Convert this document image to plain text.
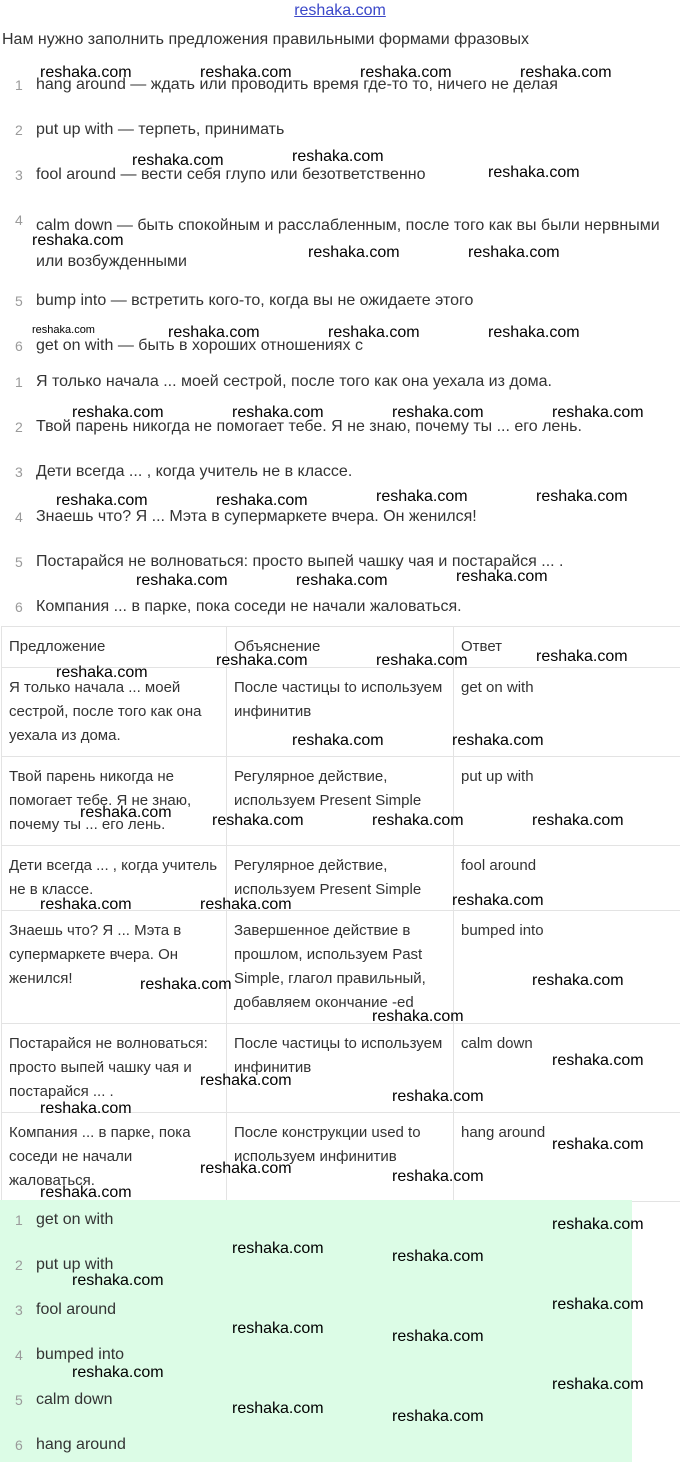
reshaka.com
Нам нужно заполнить предложения правильными формами фразовых
1 hang around — ждать или проводить время где-то то, ничего не делая
2 put up with — терпеть, принимать
3 fool around — вести себя глупо или безответственно
4 calm down — быть спокойным и расслабленным, после того как вы были нервными или возбужденными
5 bump into — встретить кого-то, когда вы не ожидаете этого
6 get on with — быть в хороших отношениях с
1 Я только начала ... моей сестрой, после того как она уехала из дома.
2 Твой парень никогда не помогает тебе. Я не знаю, почему ты ... его лень.
3 Дети всегда ... , когда учитель не в классе.
4 Знаешь что? Я ... Мэта в супермаркете вчера. Он женился!
5 Постарайся не волноваться: просто выпей чашку чая и постарайся ... .
6 Компания ... в парке, пока соседи не начали жаловаться.
Предложение	Объяснение	Ответ
Я только начала ... моей сестрой, после того как она уехала из дома.	После частицы to используем инфинитив	get on with
Твой парень никогда не помогает тебе. Я не знаю, почему ты ... его лень.	Регулярное действие, используем Present Simple	put up with
Дети всегда ... , когда учитель не в классе.	Регулярное действие, используем Present Simple	fool around
Знаешь что? Я ... Мэта в супермаркете вчера. Он женился!	Завершенное действие в прошлом, используем Past Simple, глагол правильный, добавляем окончание -ed	bumped into
Постарайся не волноваться: просто выпей чашку чая и постарайся ... .	После частицы to используем инфинитив	calm down
Компания ... в парке, пока соседи не начали жаловаться.	После конструкции used to используем инфинитив	hang around
1 get on with
2 put up with
3 fool around
4 bumped into
5 calm down
6 hang around
reshaka.com	reshaka.com	reshaka.com	reshaka.com
reshaka.com	reshaka.com
reshaka.com
reshaka.com
reshaka.com	reshaka.com
reshaka.com	reshaka.com	reshaka.com
reshaka.com	reshaka.com	reshaka.com	reshaka.com
reshaka.com	reshaka.com	reshaka.com	reshaka.com
reshaka.com	reshaka.com	reshaka.com
reshaka.com	reshaka.com	reshaka.com
reshaka.com
reshaka.com	reshaka.com
reshaka.com	reshaka.com	reshaka.com	reshaka.com
reshaka.com	reshaka.com	reshaka.com
reshaka.com	reshaka.com
reshaka.com
reshaka.com
reshaka.com
reshaka.com
reshaka.com
reshaka.com
reshaka.com	reshaka.com
reshaka.com
reshaka.com
reshaka.com	reshaka.com
reshaka.com
reshaka.com
reshaka.com	reshaka.com
reshaka.com
reshaka.com
reshaka.com	reshaka.com
reshaka.com
